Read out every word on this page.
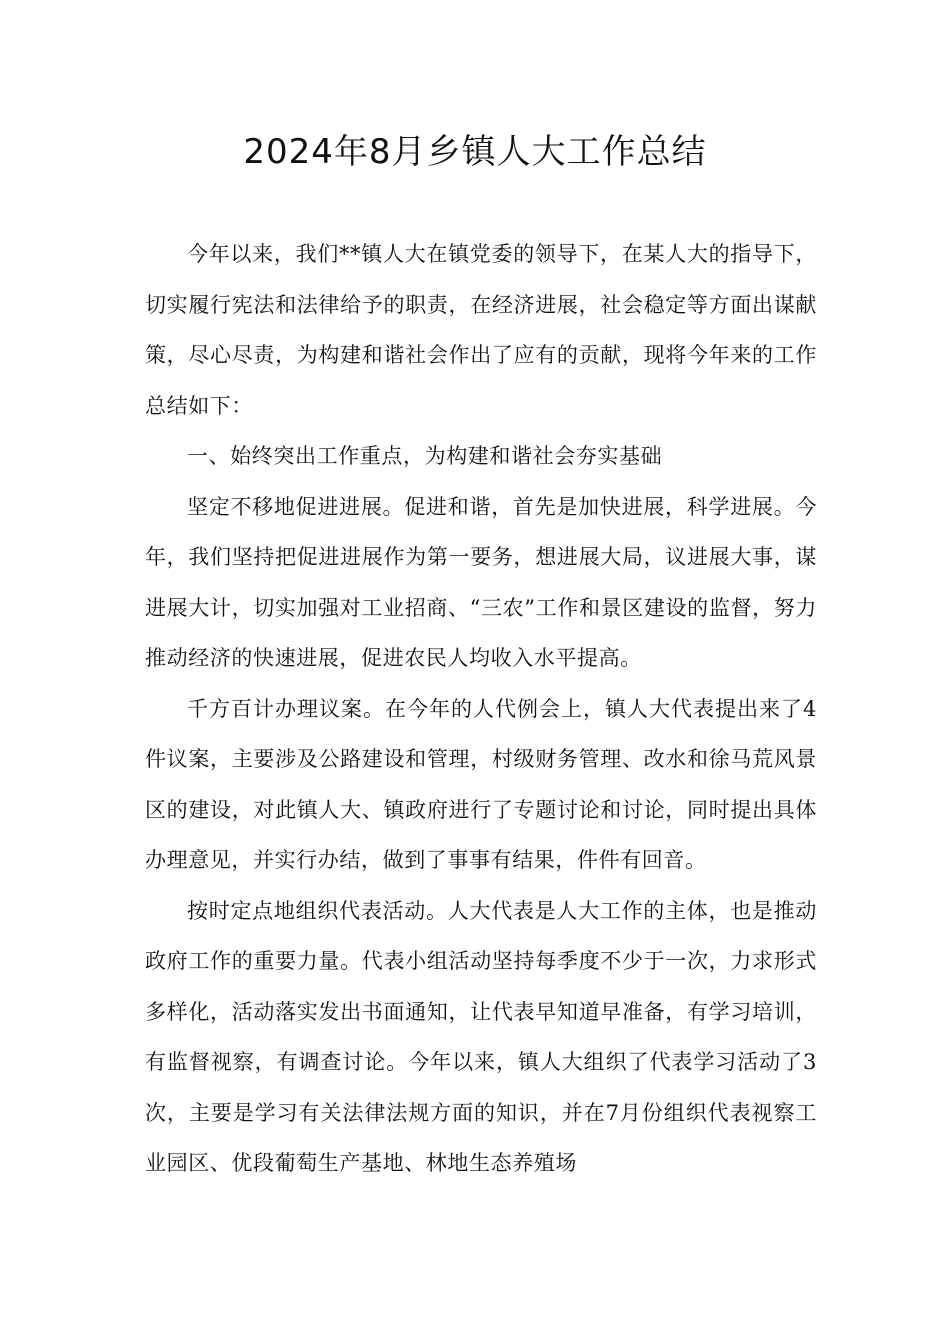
2024年8月乡镇人大工作总结

今年以来，我们**镇人大在镇党委的领导下，在某人大的指导下，切实履行宪法和法律给予的职责，在经济进展，社会稳定等方面出谋献策，尽心尽责，为构建和谐社会作出了应有的贡献，现将今年来的工作总结如下：

一、始终突出工作重点，为构建和谐社会夯实基础

坚定不移地促进进展。促进和谐，首先是加快进展，科学进展。今年，我们坚持把促进进展作为第一要务，想进展大局，议进展大事，谋进展大计，切实加强对工业招商、“三农”工作和景区建设的监督，努力推动经济的快速进展，促进农民人均收入水平提高。

千方百计办理议案。在今年的人代例会上，镇人大代表提出来了4件议案，主要涉及公路建设和管理，村级财务管理、改水和徐马荒风景区的建设，对此镇人大、镇政府进行了专题讨论和讨论，同时提出具体办理意见，并实行办结，做到了事事有结果，件件有回音。

按时定点地组织代表活动。人大代表是人大工作的主体，也是推动政府工作的重要力量。代表小组活动坚持每季度不少于一次，力求形式多样化，活动落实发出书面通知，让代表早知道早准备，有学习培训，有监督视察，有调查讨论。今年以来，镇人大组织了代表学习活动了3次，主要是学习有关法律法规方面的知识，并在7月份组织代表视察工业园区、优段葡萄生产基地、林地生态养殖场
